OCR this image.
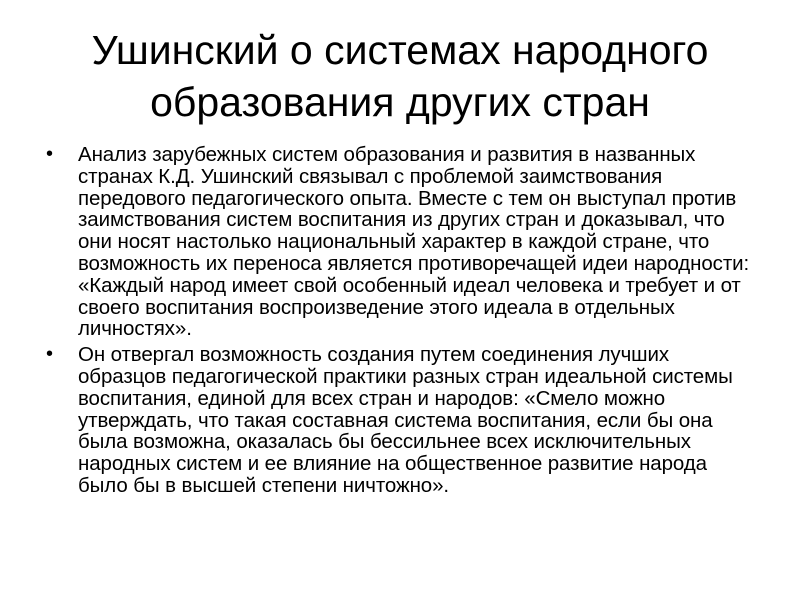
Ушинский о системах народного образования других стран
•	Анализ зарубежных систем образования и развития в названных странах К.Д. Ушинский связывал с проблемой заимствования передового педагогического опыта. Вместе с тем он выступал против заимствования систем воспитания из других стран и доказывал, что они носят настолько национальный характер в каждой стране, что возможность их переноса является противоречащей идеи народности: «Каждый народ имеет свой особенный идеал человека и требует и от своего воспитания воспроизведение этого идеала в отдельных личностях».
•	Он отвергал возможность создания путем соединения лучших образцов педагогической практики разных стран идеальной системы воспитания, единой для всех стран и народов: «Смело можно утверждать, что такая составная система воспитания, если бы она была возможна, оказалась бы бессильнее всех исключительных народных систем и ее влияние на общественное развитие народа было бы в высшей степени ничтожно».
